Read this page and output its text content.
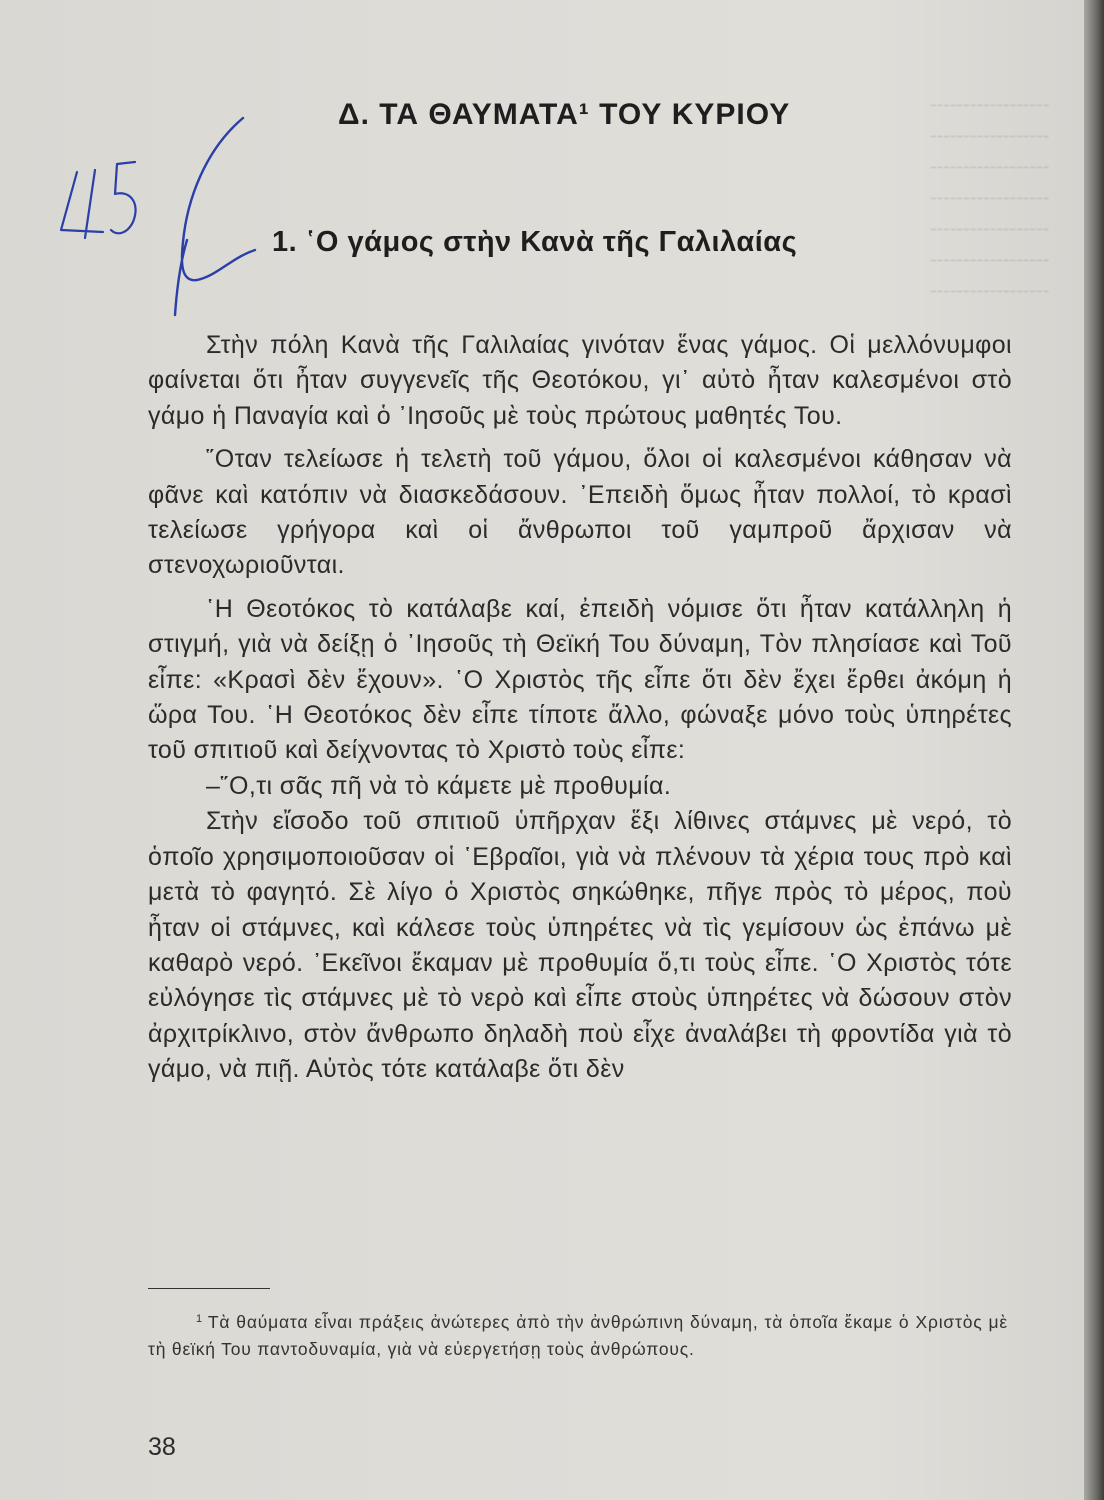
╌╌╌╌╌╌╌╌╌
╌╌╌╌╌╌╌╌╌
╌╌╌╌╌╌╌╌╌
╌╌╌╌╌╌╌╌╌
╌╌╌╌╌╌╌╌╌
╌╌╌╌╌╌╌╌╌
╌╌╌╌╌╌╌╌╌
Δ. ΤΑ ΘΑΥΜΑΤΑ¹ ΤΟΥ ΚΥΡΙΟΥ
1. ῾Ο γάμος στὴν Κανὰ τῆς Γαλιλαίας

Στὴν πόλη Κανὰ τῆς Γαλιλαίας γινόταν ἕνας γάμος. Οἱ μελλόνυμφοι φαίνεται ὅτι ἦταν συγγενεῖς τῆς Θεοτόκου, γι᾿ αὐτὸ ἦταν καλεσμένοι στὸ γάμο ἡ Παναγία καὶ ὁ ᾿Ιησοῦς μὲ τοὺς πρώτους μαθητές Του.

῞Οταν τελείωσε ἡ τελετὴ τοῦ γάμου, ὅλοι οἱ καλεσμένοι κάθησαν νὰ φᾶνε καὶ κατόπιν νὰ διασκεδάσουν. ᾿Επειδὴ ὅμως ἦταν πολλοί, τὸ κρασὶ τελείωσε γρήγορα καὶ οἱ ἄνθρωποι τοῦ γαμπροῦ ἄρχισαν νὰ στενοχωριοῦνται.

῾Η Θεοτόκος τὸ κατάλαβε καί, ἐπειδὴ νόμισε ὅτι ἦταν κατάλληλη ἡ στιγμή, γιὰ νὰ δείξῃ ὁ ᾿Ιησοῦς τὴ Θεϊκή Του δύναμη, Τὸν πλησίασε καὶ Τοῦ εἶπε: «Κρασὶ δὲν ἔχουν». ῾Ο Χριστὸς τῆς εἶπε ὅτι δὲν ἔχει ἔρθει ἀκόμη ἡ ὥρα Του. ῾Η Θεοτόκος δὲν εἶπε τίποτε ἄλλο, φώναξε μόνο τοὺς ὑπηρέτες τοῦ σπιτιοῦ καὶ δείχνοντας τὸ Χριστὸ τοὺς εἶπε:

–῞Ο,τι σᾶς πῆ νὰ τὸ κάμετε μὲ προθυμία.

Στὴν εἴσοδο τοῦ σπιτιοῦ ὑπῆρχαν ἕξι λίθινες στάμνες μὲ νερό, τὸ ὁποῖο χρησιμοποιοῦσαν οἱ ῾Εβραῖοι, γιὰ νὰ πλένουν τὰ χέρια τους πρὸ καὶ μετὰ τὸ φαγητό. Σὲ λίγο ὁ Χριστὸς σηκώθηκε, πῆγε πρὸς τὸ μέρος, ποὺ ἦταν οἱ στάμνες, καὶ κάλεσε τοὺς ὑπηρέτες νὰ τὶς γεμίσουν ὡς ἐπάνω μὲ καθαρὸ νερό. ᾿Εκεῖνοι ἔκαμαν μὲ προθυμία ὅ,τι τοὺς εἶπε. ῾Ο Χριστὸς τότε εὐλόγησε τὶς στάμνες μὲ τὸ νερὸ καὶ εἶπε στοὺς ὑπηρέτες νὰ δώσουν στὸν ἀρχιτρίκλινο, στὸν ἄνθρωπο δηλαδὴ ποὺ εἶχε ἀναλάβει τὴ φροντίδα γιὰ τὸ γάμο, νὰ πιῇ. Αὐτὸς τότε κατάλαβε ὅτι δὲν

$^1$ Τὰ θαύματα εἶναι πράξεις ἀνώτερες ἀπὸ τὴν ἀνθρώπινη δύναμη, τὰ ὁποῖα ἔκαμε ὁ Χριστὸς μὲ τὴ θεϊκή Του παντοδυναμία, γιὰ νὰ εὐεργετήσῃ τοὺς ἀνθρώπους.
38
